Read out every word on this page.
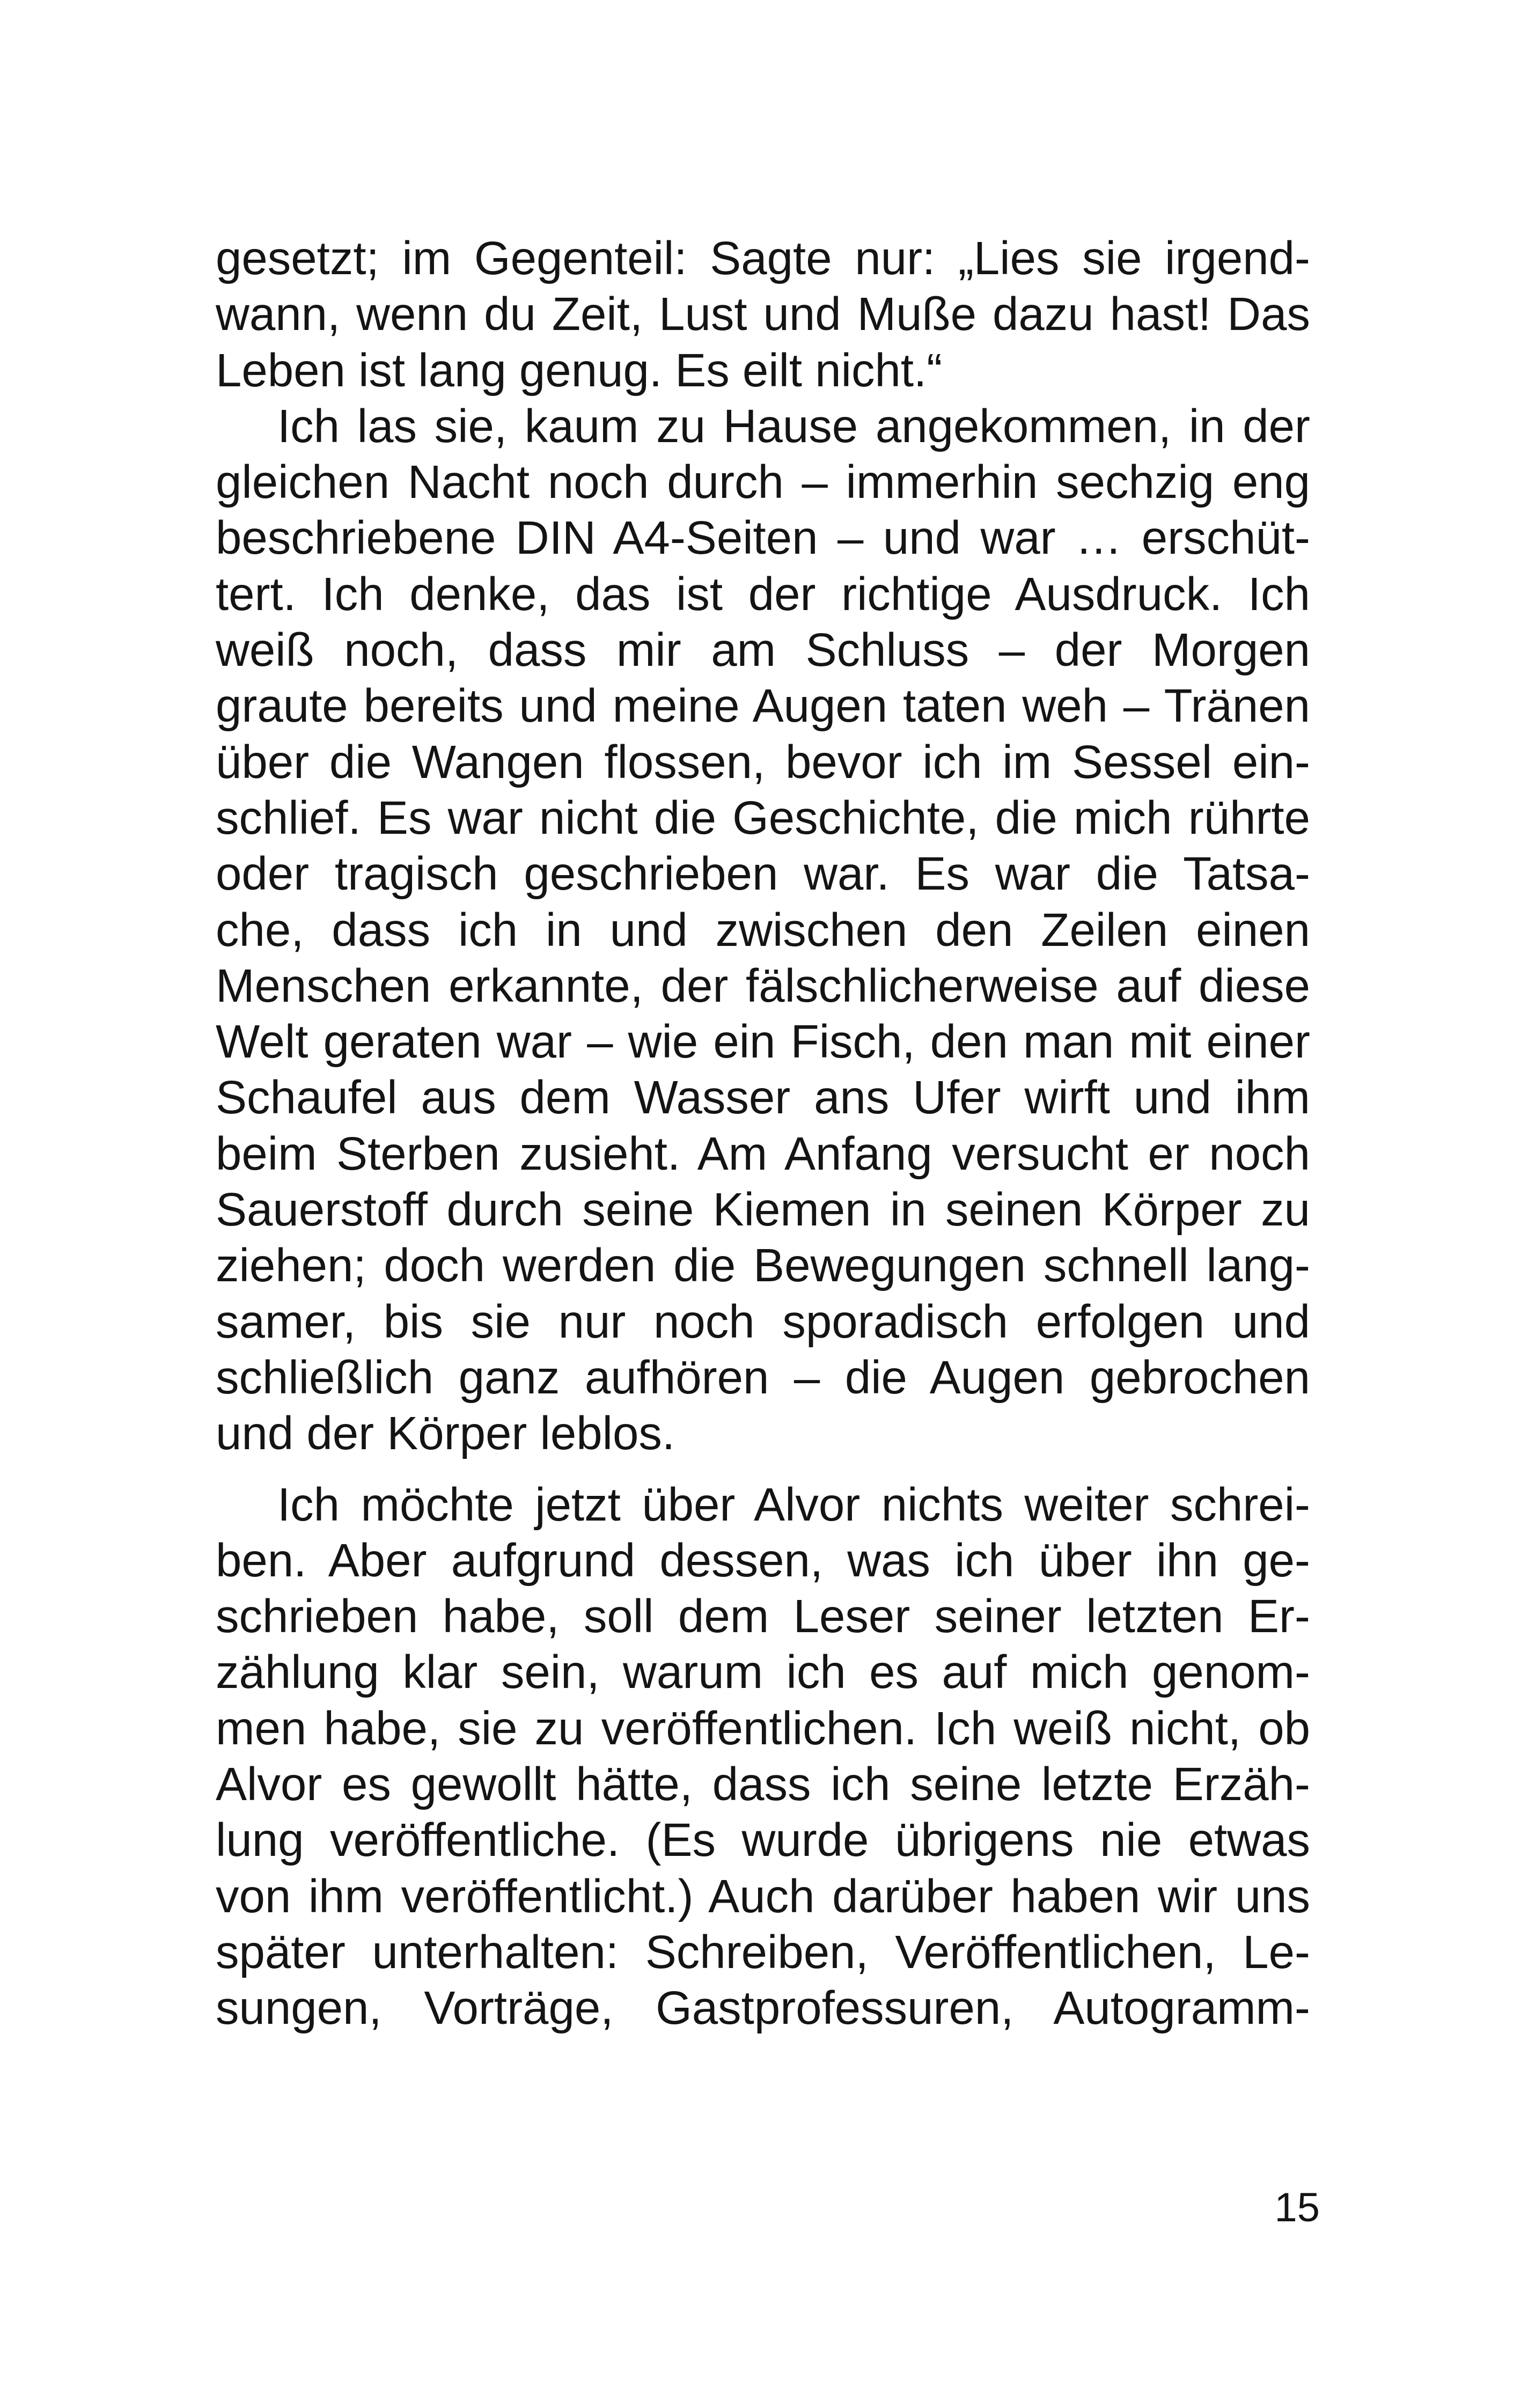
gesetzt; im Gegenteil: Sagte nur: „Lies sie irgend-
wann, wenn du Zeit, Lust und Muße dazu hast! Das
Leben ist lang genug. Es eilt nicht.“
Ich las sie, kaum zu Hause angekommen, in der
gleichen Nacht noch durch – immerhin sechzig eng
beschriebene DIN A4-Seiten – und war … erschüt-
tert. Ich denke, das ist der richtige Ausdruck. Ich
weiß noch, dass mir am Schluss – der Morgen
graute bereits und meine Augen taten weh – Tränen
über die Wangen flossen, bevor ich im Sessel ein-
schlief. Es war nicht die Geschichte, die mich rührte
oder tragisch geschrieben war. Es war die Tatsa-
che, dass ich in und zwischen den Zeilen einen
Menschen erkannte, der fälschlicherweise auf diese
Welt geraten war – wie ein Fisch, den man mit einer
Schaufel aus dem Wasser ans Ufer wirft und ihm
beim Sterben zusieht. Am Anfang versucht er noch
Sauerstoff durch seine Kiemen in seinen Körper zu
ziehen; doch werden die Bewegungen schnell lang-
samer, bis sie nur noch sporadisch erfolgen und
schließlich ganz aufhören – die Augen gebrochen
und der Körper leblos.
Ich möchte jetzt über Alvor nichts weiter schrei-
ben. Aber aufgrund dessen, was ich über ihn ge-
schrieben habe, soll dem Leser seiner letzten Er-
zählung klar sein, warum ich es auf mich genom-
men habe, sie zu veröffentlichen. Ich weiß nicht, ob
Alvor es gewollt hätte, dass ich seine letzte Erzäh-
lung veröffentliche. (Es wurde übrigens nie etwas
von ihm veröffentlicht.) Auch darüber haben wir uns
später unterhalten: Schreiben, Veröffentlichen, Le-
sungen, Vorträge, Gastprofessuren, Autogramm-
15
